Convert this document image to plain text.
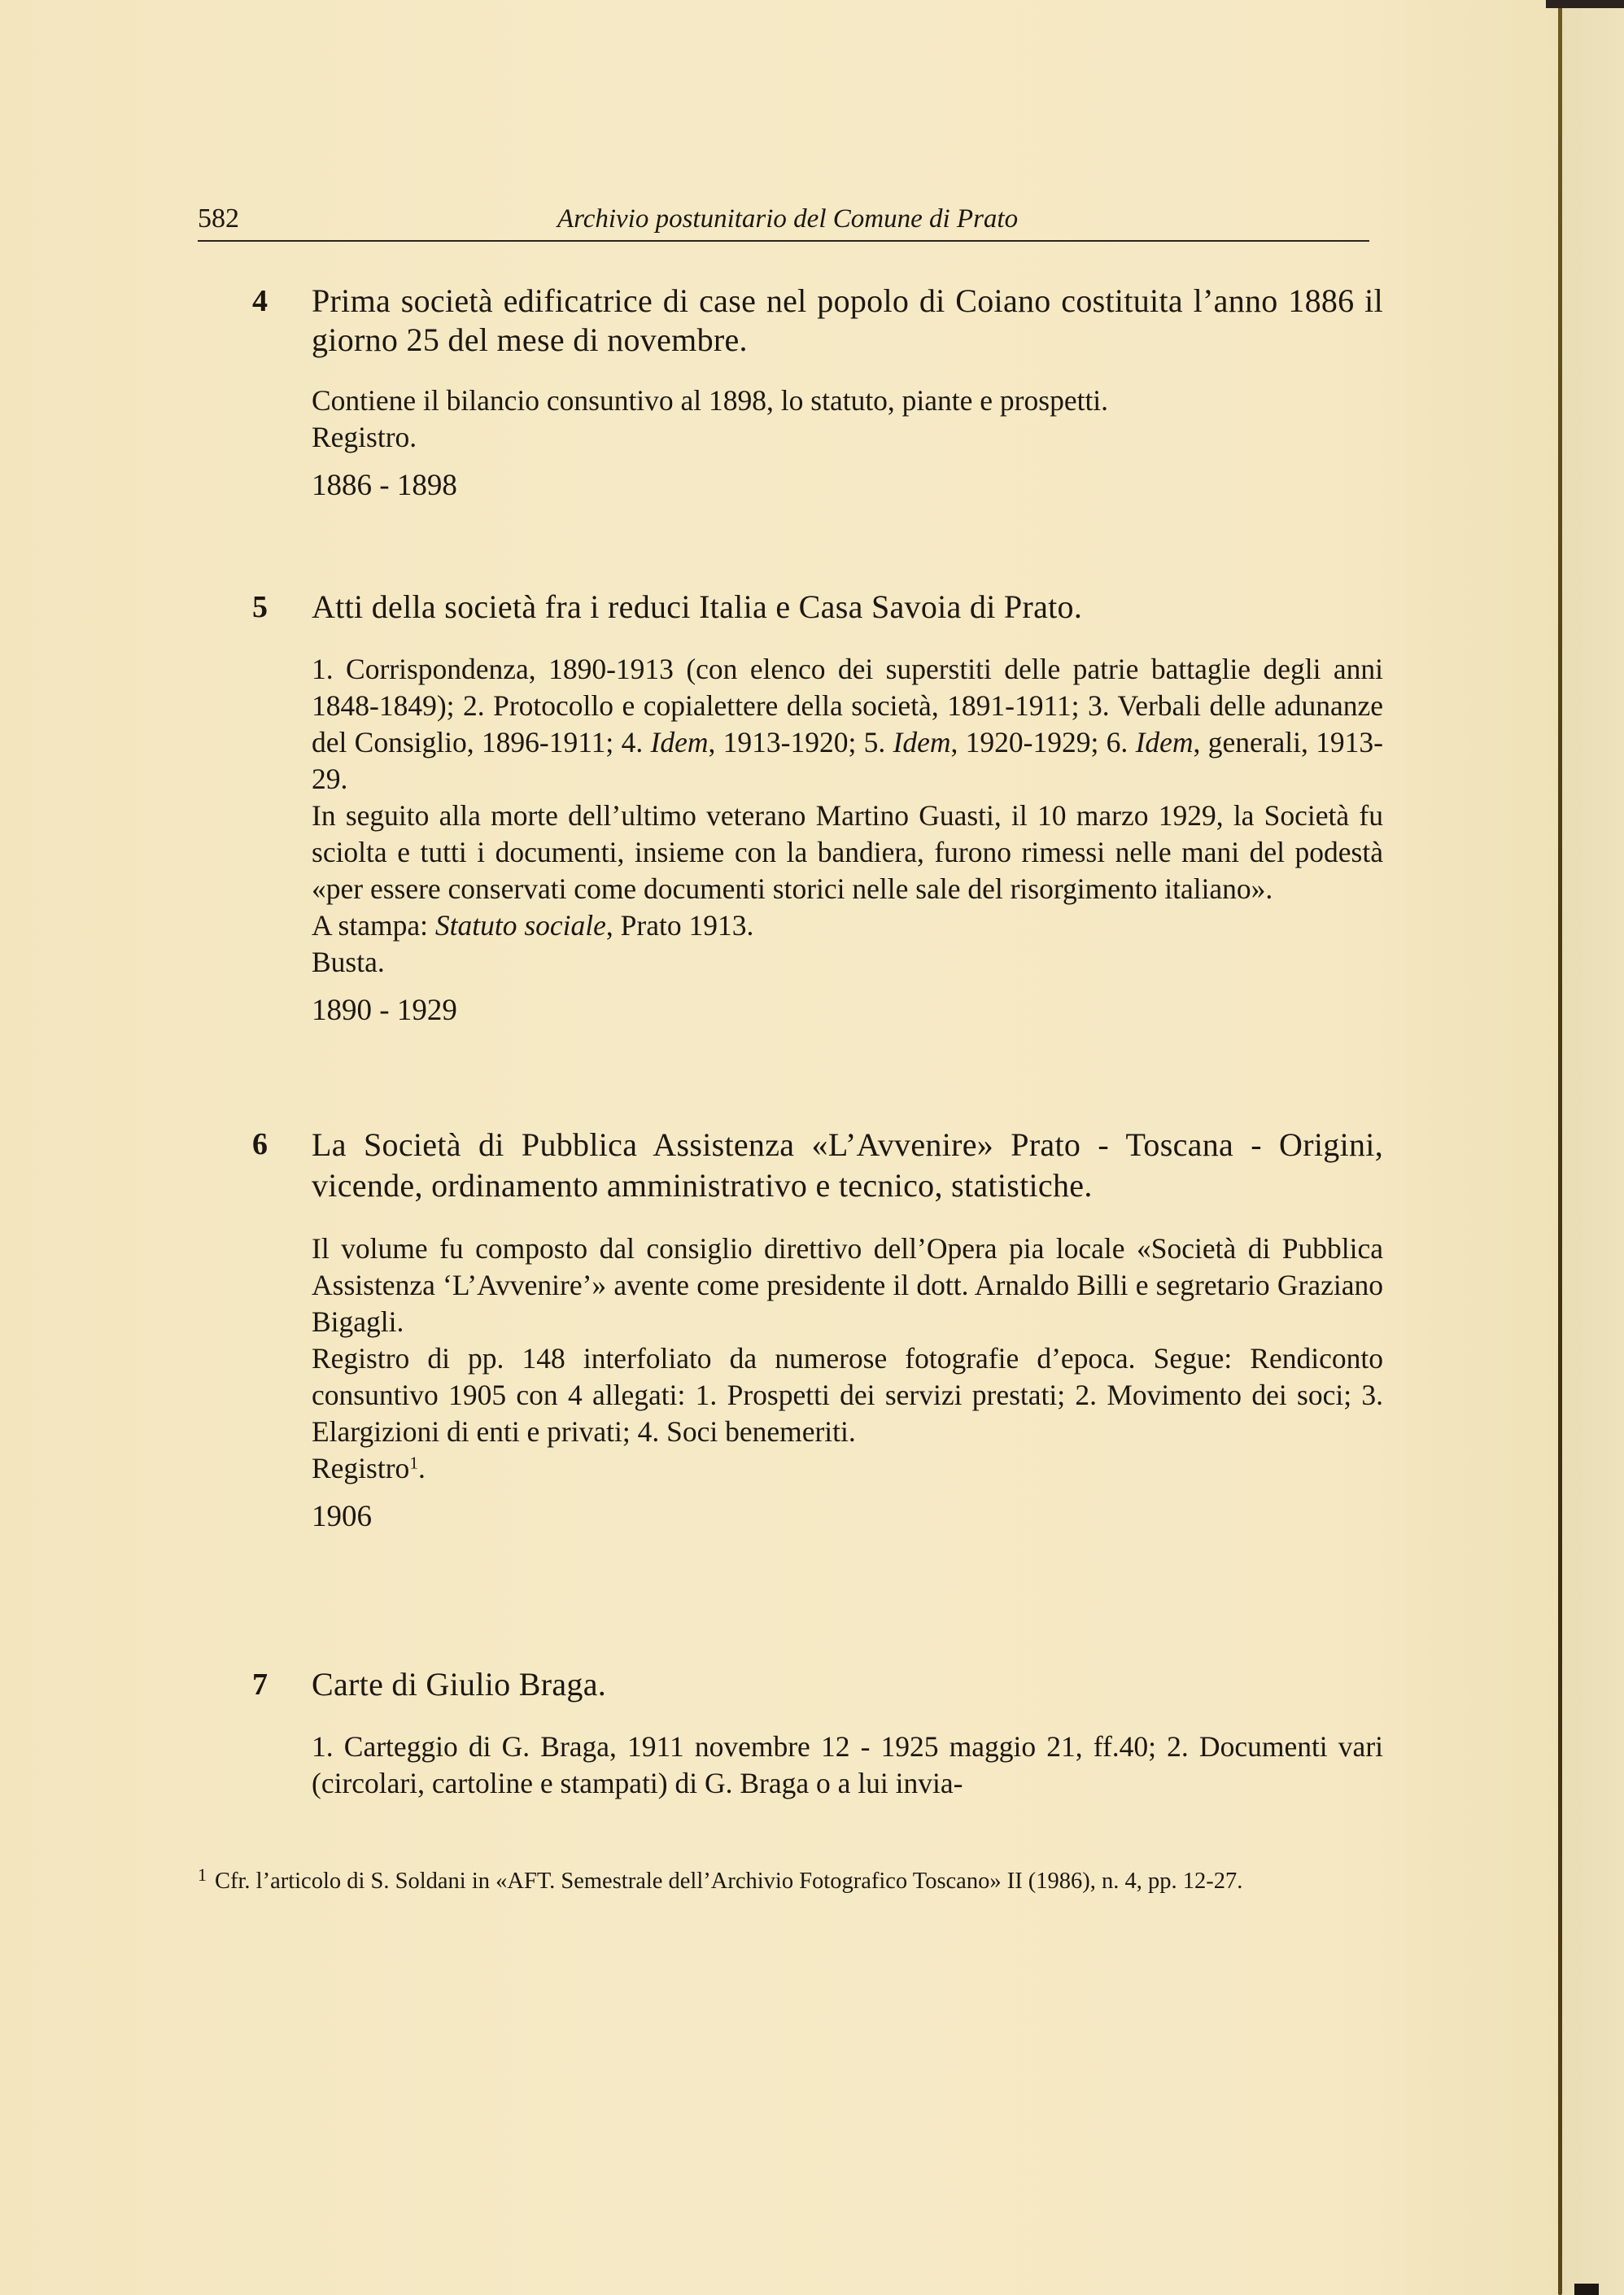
582	Archivio postunitario del Comune di Prato
4 Prima società edificatrice di case nel popolo di Coiano costituita l’anno 1886 il giorno 25 del mese di novembre.

Contiene il bilancio consuntivo al 1898, lo statuto, piante e prospetti.

Registro.

1886 - 1898
5 Atti della società fra i reduci Italia e Casa Savoia di Prato.

1. Corrispondenza, 1890-1913 (con elenco dei superstiti delle patrie battaglie degli anni 1848-1849); 2. Protocollo e copialettere della società, 1891-1911; 3. Verbali delle adunanze del Consiglio, 1896-1911; 4. Idem, 1913-1920; 5. Idem, 1920-1929; 6. Idem, generali, 1913-29.

In seguito alla morte dell’ultimo veterano Martino Guasti, il 10 marzo 1929, la Società fu sciolta e tutti i documenti, insieme con la bandiera, furono rimessi nelle mani del podestà «per essere conservati come documenti storici nelle sale del risorgimento italiano».

A stampa: Statuto sociale, Prato 1913.

Busta.

1890 - 1929
6 La Società di Pubblica Assistenza «L’Avvenire» Prato - Toscana - Origini, vicende, ordinamento amministrativo e tecnico, statistiche.

Il volume fu composto dal consiglio direttivo dell’Opera pia locale «Società di Pubblica Assistenza ‘L’Avvenire’» avente come presidente il dott. Arnaldo Billi e segretario Graziano Bigagli.

Registro di pp. 148 interfoliato da numerose fotografie d’epoca. Segue: Rendiconto consuntivo 1905 con 4 allegati: 1. Prospetti dei servizi prestati; 2. Movimento dei soci; 3. Elargizioni di enti e privati; 4. Soci benemeriti.

Registro$^1$.

1906
7 Carte di Giulio Braga.

1. Carteggio di G. Braga, 1911 novembre 12 - 1925 maggio 21, ff.40; 2. Documenti vari (circolari, cartoline e stampati) di G. Braga o a lui invia-

$^1$ Cfr. l’articolo di S. Soldani in «AFT. Semestrale dell’Archivio Fotografico Toscano» II (1986), n. 4, pp. 12-27.
